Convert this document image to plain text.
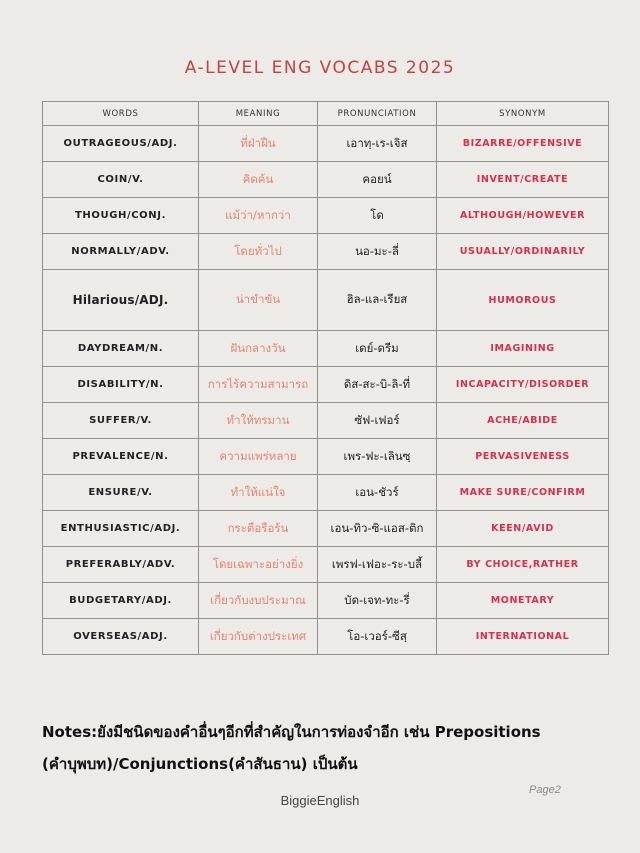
A-LEVEL ENG VOCABS 2025
WORDS	MEANING	PRONUNCIATION	SYNONYM
OUTRAGEOUS/ADJ.	ที่ฝ่าฝืน	เอาทฺ-เร-เจิส	BIZARRE/OFFENSIVE
COIN/V.	คิดค้น	คอยน์	INVENT/CREATE
THOUGH/CONJ.	แม้ว่า/หากว่า	โด	ALTHOUGH/HOWEVER
NORMALLY/ADV.	โดยทั่วไป	นอ-มะ-ลี่	USUALLY/ORDINARILY
Hilarious/ADJ.	น่าขำขัน	ฮิล-แล-เรียส	HUMOROUS
DAYDREAM/N.	ฝันกลางวัน	เดย์-ดรีม	IMAGINING
DISABILITY/N.	การไร้ความสามารถ	ดิส-สะ-บิ-ลิ-ที่	INCAPACITY/DISORDER
SUFFER/V.	ทำให้ทรมาน	ซัฟ-เฟอร์	ACHE/ABIDE
PREVALENCE/N.	ความแพร่หลาย	เพร-ฟะ-เลินซฺ	PERVASIVENESS
ENSURE/V.	ทำให้แน่ใจ	เอน-ชัวร์	MAKE SURE/CONFIRM
ENTHUSIASTIC/ADJ.	กระตือรือร้น	เอน-ทิว-ซิ-แอส-ติก	KEEN/AVID
PREFERABLY/ADV.	โดยเฉพาะอย่างยิ่ง	เพรฟ-เฟอะ-ระ-บลี้	BY CHOICE,RATHER
BUDGETARY/ADJ.	เกี่ยวกับงบประมาณ	บัด-เจท-ทะ-รี่	MONETARY
OVERSEAS/ADJ.	เกี่ยวกับต่างประเทศ	โอ-เวอร์-ซีสฺ	INTERNATIONAL
Notes:ยังมีชนิดของคำอื่นๆอีกที่สำคัญในการท่องจำอีก เช่น Prepositions
(คำบุพบท)/Conjunctions(คำสันธาน) เป็นต้น
BiggieEnglish
Page2
